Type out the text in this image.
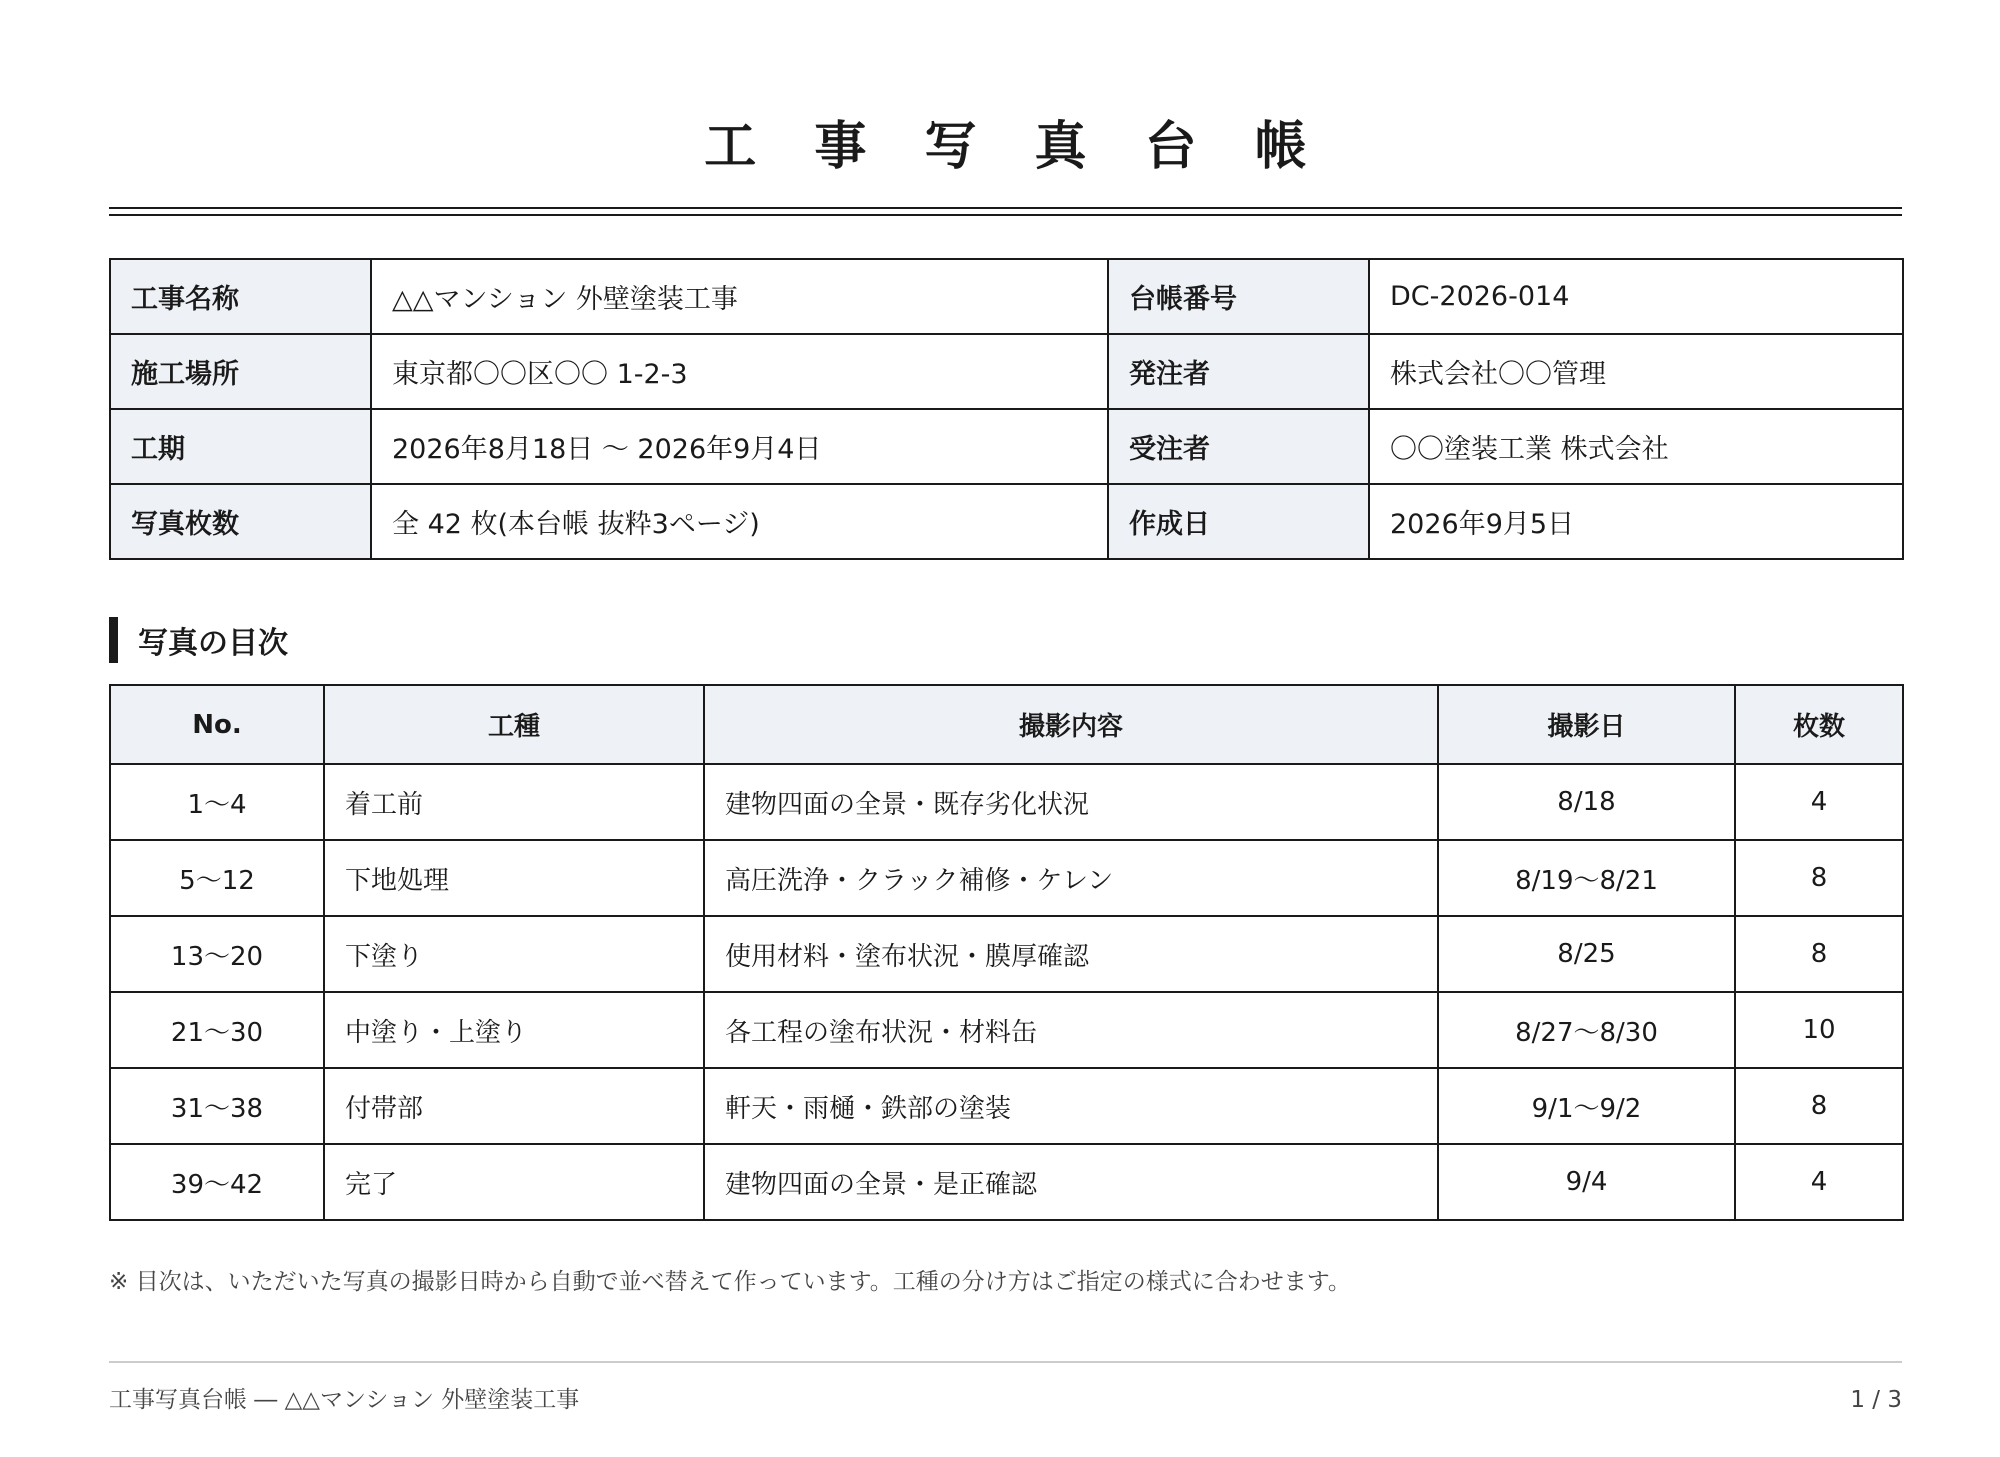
工 事 写 真 台 帳
工事名称	△△マンション 外壁塗装工事	台帳番号	DC-2026-014
施工場所	東京都〇〇区〇〇 1-2-3	発注者	株式会社〇〇管理
工期	2026年8月18日 〜 2026年9月4日	受注者	〇〇塗装工業 株式会社
写真枚数	全 42 枚(本台帳 抜粋3ページ)	作成日	2026年9月5日
写真の目次
No.	工種	撮影内容	撮影日	枚数
1〜4	着工前	建物四面の全景・既存劣化状況	8/18	4
5〜12	下地処理	高圧洗浄・クラック補修・ケレン	8/19〜8/21	8
13〜20	下塗り	使用材料・塗布状況・膜厚確認	8/25	8
21〜30	中塗り・上塗り	各工程の塗布状況・材料缶	8/27〜8/30	10
31〜38	付帯部	軒天・雨樋・鉄部の塗装	9/1〜9/2	8
39〜42	完了	建物四面の全景・是正確認	9/4	4
※ 目次は、いただいた写真の撮影日時から自動で並べ替えて作っています。工種の分け方はご指定の様式に合わせます。
工事写真台帳 ― △△マンション 外壁塗装工事	1 / 3
